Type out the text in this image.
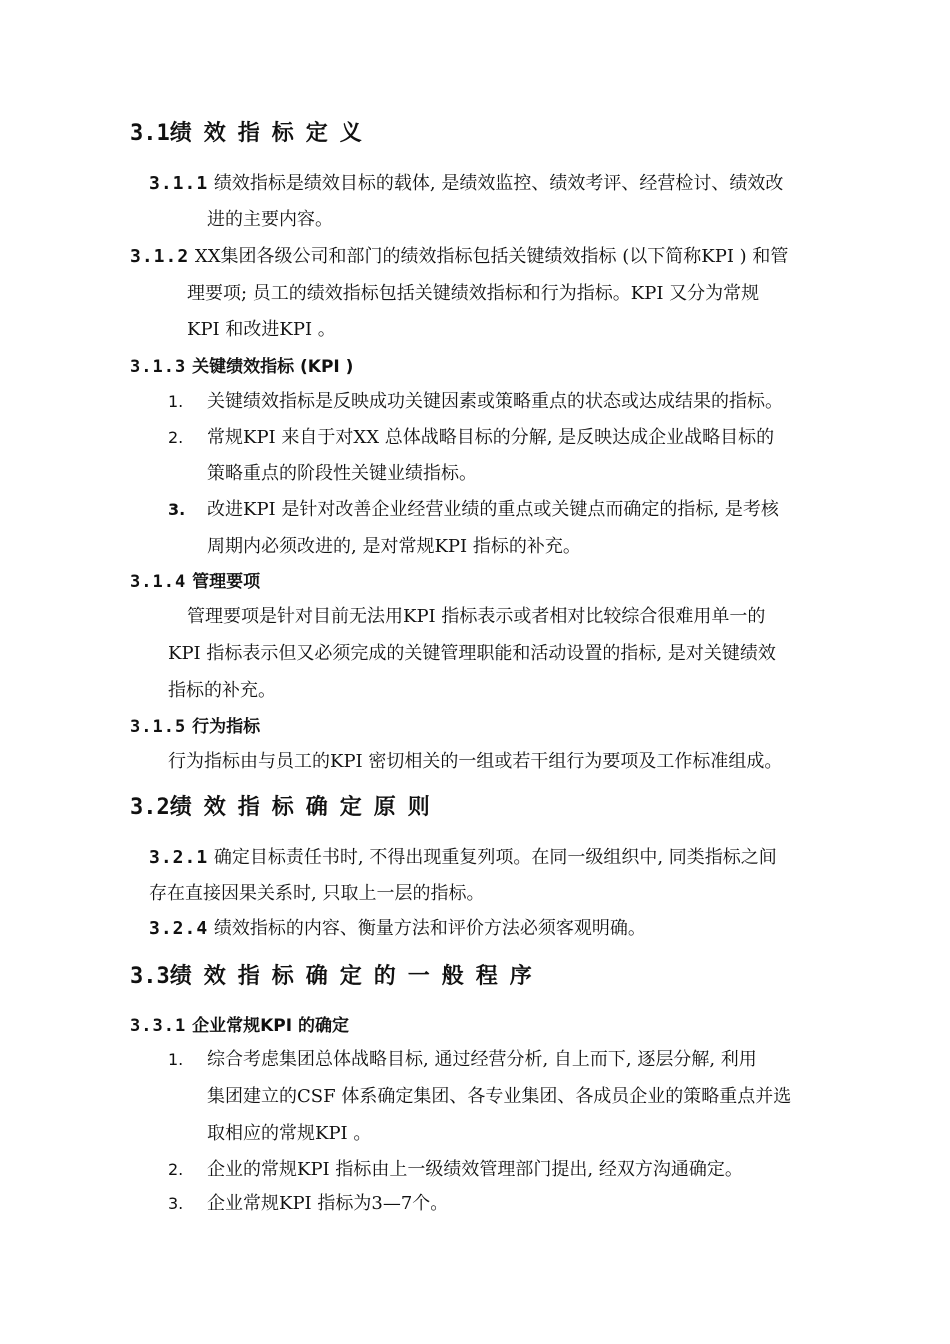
3.1绩效指标定义
3.1.1 绩效指标是绩效目标的载体, 是绩效监控、绩效考评、经营检讨、绩效改
进的主要内容。
3.1.2 XX集团各级公司和部门的绩效指标包括关键绩效指标 (以下简称KPI ) 和管
理要项; 员工的绩效指标包括关键绩效指标和行为指标。KPI 又分为常规
KPI 和改进KPI 。
3.1.3 关键绩效指标 (KPI )
1. 关键绩效指标是反映成功关键因素或策略重点的状态或达成结果的指标。
2. 常规KPI 来自于对XX 总体战略目标的分解, 是反映达成企业战略目标的
策略重点的阶段性关键业绩指标。
3. 改进KPI 是针对改善企业经营业绩的重点或关键点而确定的指标, 是考核
周期内必须改进的, 是对常规KPI 指标的补充。
3.1.4 管理要项
管理要项是针对目前无法用KPI 指标表示或者相对比较综合很难用单一的
KPI 指标表示但又必须完成的关键管理职能和活动设置的指标, 是对关键绩效
指标的补充。
3.1.5 行为指标
行为指标由与员工的KPI 密切相关的一组或若干组行为要项及工作标准组成。
3.2绩效指标确定原则
3.2.1 确定目标责任书时, 不得出现重复列项。在同一级组织中, 同类指标之间
存在直接因果关系时, 只取上一层的指标。
3.2.4 绩效指标的内容、衡量方法和评价方法必须客观明确。
3.3绩效指标确定的一般程序
3.3.1 企业常规KPI 的确定
1. 综合考虑集团总体战略目标, 通过经营分析, 自上而下, 逐层分解, 利用
集团建立的CSF 体系确定集团、各专业集团、各成员企业的策略重点并选
取相应的常规KPI 。
2. 企业的常规KPI 指标由上一级绩效管理部门提出, 经双方沟通确定。
3. 企业常规KPI 指标为3—7个。
